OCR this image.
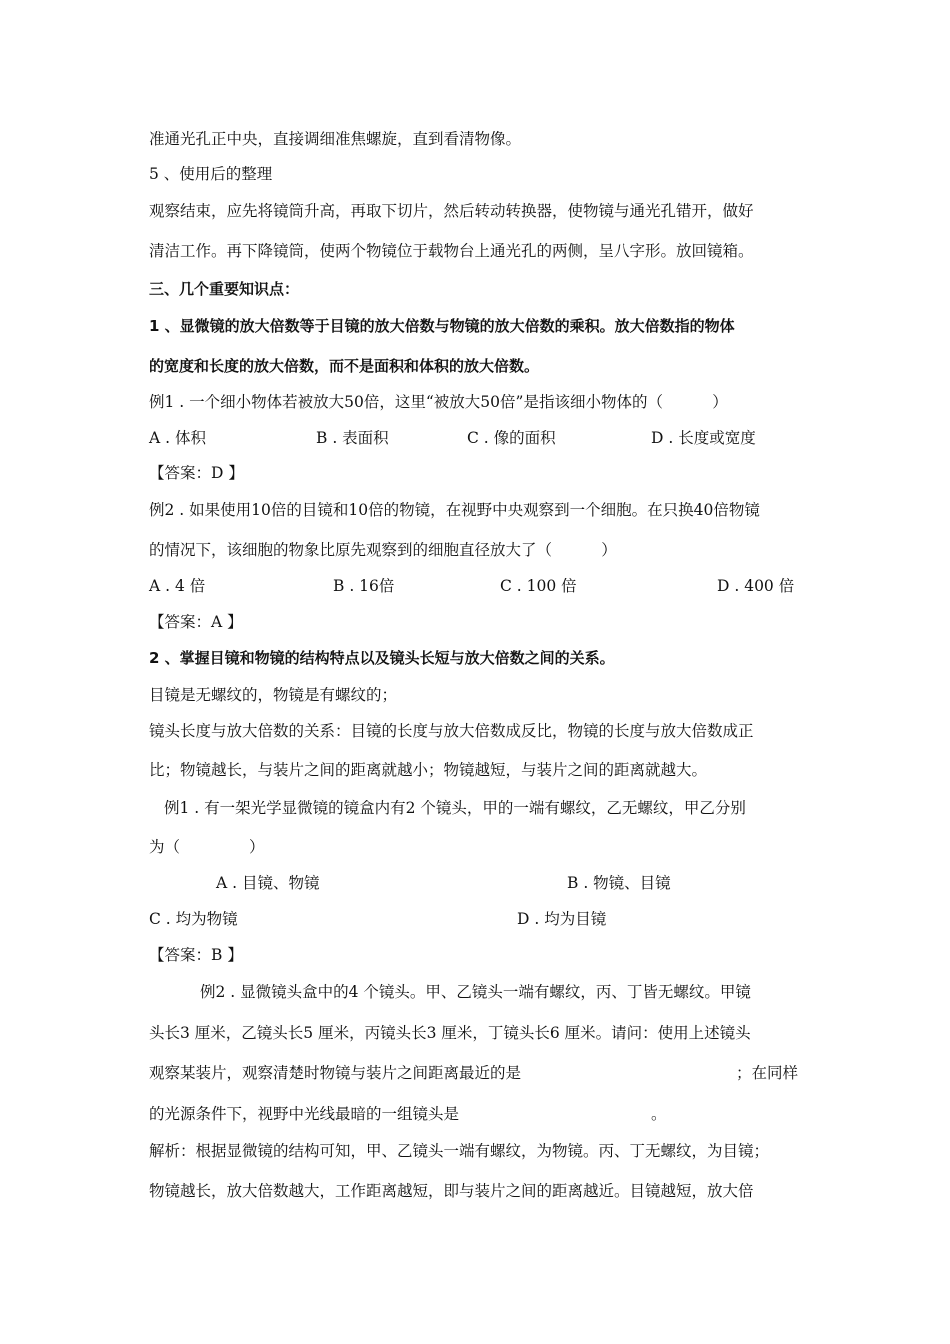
准通光孔正中央，直接调细准焦螺旋，直到看清物像。
5 、使用后的整理
观察结束，应先将镜筒升高，再取下切片，然后转动转换器，使物镜与通光孔错开，做好
清洁工作。再下降镜筒，使两个物镜位于载物台上通光孔的两侧，呈八字形。放回镜箱。
三、几个重要知识点：
1 、显微镜的放大倍数等于目镜的放大倍数与物镜的放大倍数的乘积。放大倍数指的物体
的宽度和长度的放大倍数，而不是面积和体积的放大倍数。
例1 . 一个细小物体若被放大50倍，这里“被放大50倍”是指该细小物体的（          ）
A . 体积	B . 表面积	C . 像的面积	D . 长度或宽度
【答案：D 】
例2 . 如果使用10倍的目镜和10倍的物镜，在视野中央观察到一个细胞。在只换40倍物镜
的情况下，该细胞的物象比原先观察到的细胞直径放大了（          ）
A . 4 倍	B . 16倍	C . 100 倍	D . 400 倍
【答案：A 】
2 、掌握目镜和物镜的结构特点以及镜头长短与放大倍数之间的关系。
目镜是无螺纹的，物镜是有螺纹的；
镜头长度与放大倍数的关系：目镜的长度与放大倍数成反比，物镜的长度与放大倍数成正
比；物镜越长，与装片之间的距离就越小；物镜越短，与装片之间的距离就越大。
例1 . 有一架光学显微镜的镜盒内有2 个镜头，甲的一端有螺纹，乙无螺纹，甲乙分别
为（              ）
A . 目镜、物镜	B . 物镜、目镜
C . 均为物镜	D . 均为目镜
【答案：B 】
例2 . 显微镜头盒中的4 个镜头。甲、乙镜头一端有螺纹，丙、丁皆无螺纹。甲镜
头长3 厘米，乙镜头长5 厘米，丙镜头长3 厘米，丁镜头长6 厘米。请问：使用上述镜头
观察某装片，观察清楚时物镜与装片之间距离最近的是	；在同样
的光源条件下，视野中光线最暗的一组镜头是	。
解析：根据显微镜的结构可知，甲、乙镜头一端有螺纹，为物镜。丙、丁无螺纹，为目镜；
物镜越长，放大倍数越大，工作距离越短，即与装片之间的距离越近。目镜越短，放大倍
